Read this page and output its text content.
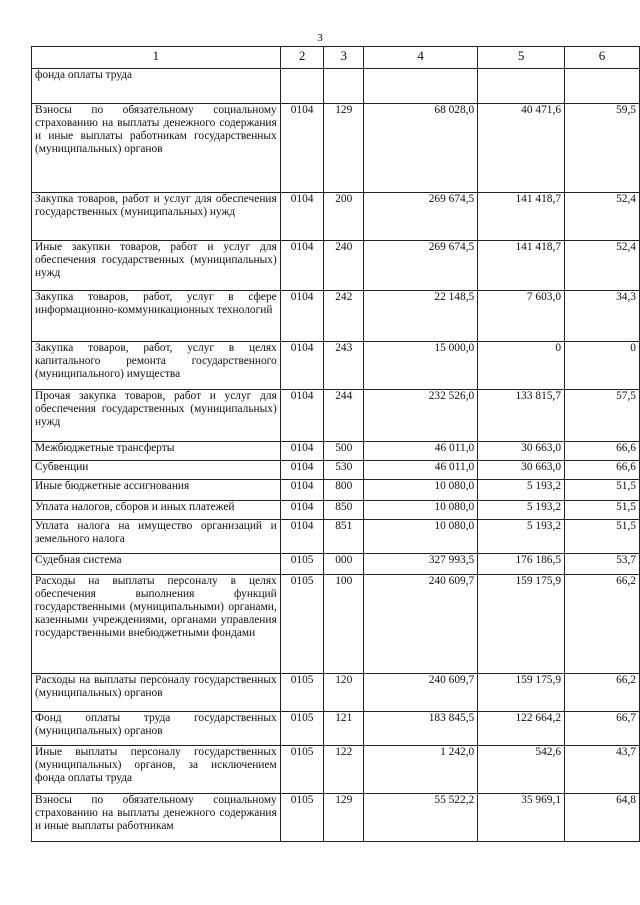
3
1	2	3	4	5	6
фонда оплаты труда					
Взносы по обязательному социальному страхованию на выплаты денежного содержания и иные выплаты работникам государственных (муниципальных) органов	0104	129	68 028,0	40 471,6	59,5
Закупка товаров, работ и услуг для обеспечения государственных (муниципальных) нужд	0104	200	269 674,5	141 418,7	52,4
Иные закупки товаров, работ и услуг для обеспечения государственных (муниципальных) нужд	0104	240	269 674,5	141 418,7	52,4
Закупка товаров, работ, услуг в сфере информационно-коммуникационных технологий	0104	242	22 148,5	7 603,0	34,3
Закупка товаров, работ, услуг в целях капитального ремонта государственного (муниципального) имущества	0104	243	15 000,0	0	0
Прочая закупка товаров, работ и услуг для обеспечения государственных (муниципальных) нужд	0104	244	232 526,0	133 815,7	57,5
Межбюджетные трансферты	0104	500	46 011,0	30 663,0	66,6
Субвенции	0104	530	46 011,0	30 663,0	66,6
Иные бюджетные ассигнования	0104	800	10 080,0	5 193,2	51,5
Уплата налогов, сборов и иных платежей	0104	850	10 080,0	5 193,2	51,5
Уплата налога на имущество организаций и земельного налога	0104	851	10 080,0	5 193,2	51,5
Судебная система	0105	000	327 993,5	176 186,5	53,7
Расходы на выплаты персоналу в целях обеспечения выполнения функций государственными (муниципальными) органами, казенными учреждениями, органами управления государственными внебюджетными фондами	0105	100	240 609,7	159 175,9	66,2
Расходы на выплаты персоналу государственных (муниципальных) органов	0105	120	240 609,7	159 175,9	66,2
Фонд оплаты труда государственных (муниципальных) органов	0105	121	183 845,5	122 664,2	66,7
Иные выплаты персоналу государственных (муниципальных) органов, за исключением фонда оплаты труда	0105	122	1 242,0	542,6	43,7
Взносы по обязательному социальному страхованию на выплаты денежного содержания и иные выплаты работникам	0105	129	55 522,2	35 969,1	64,8
